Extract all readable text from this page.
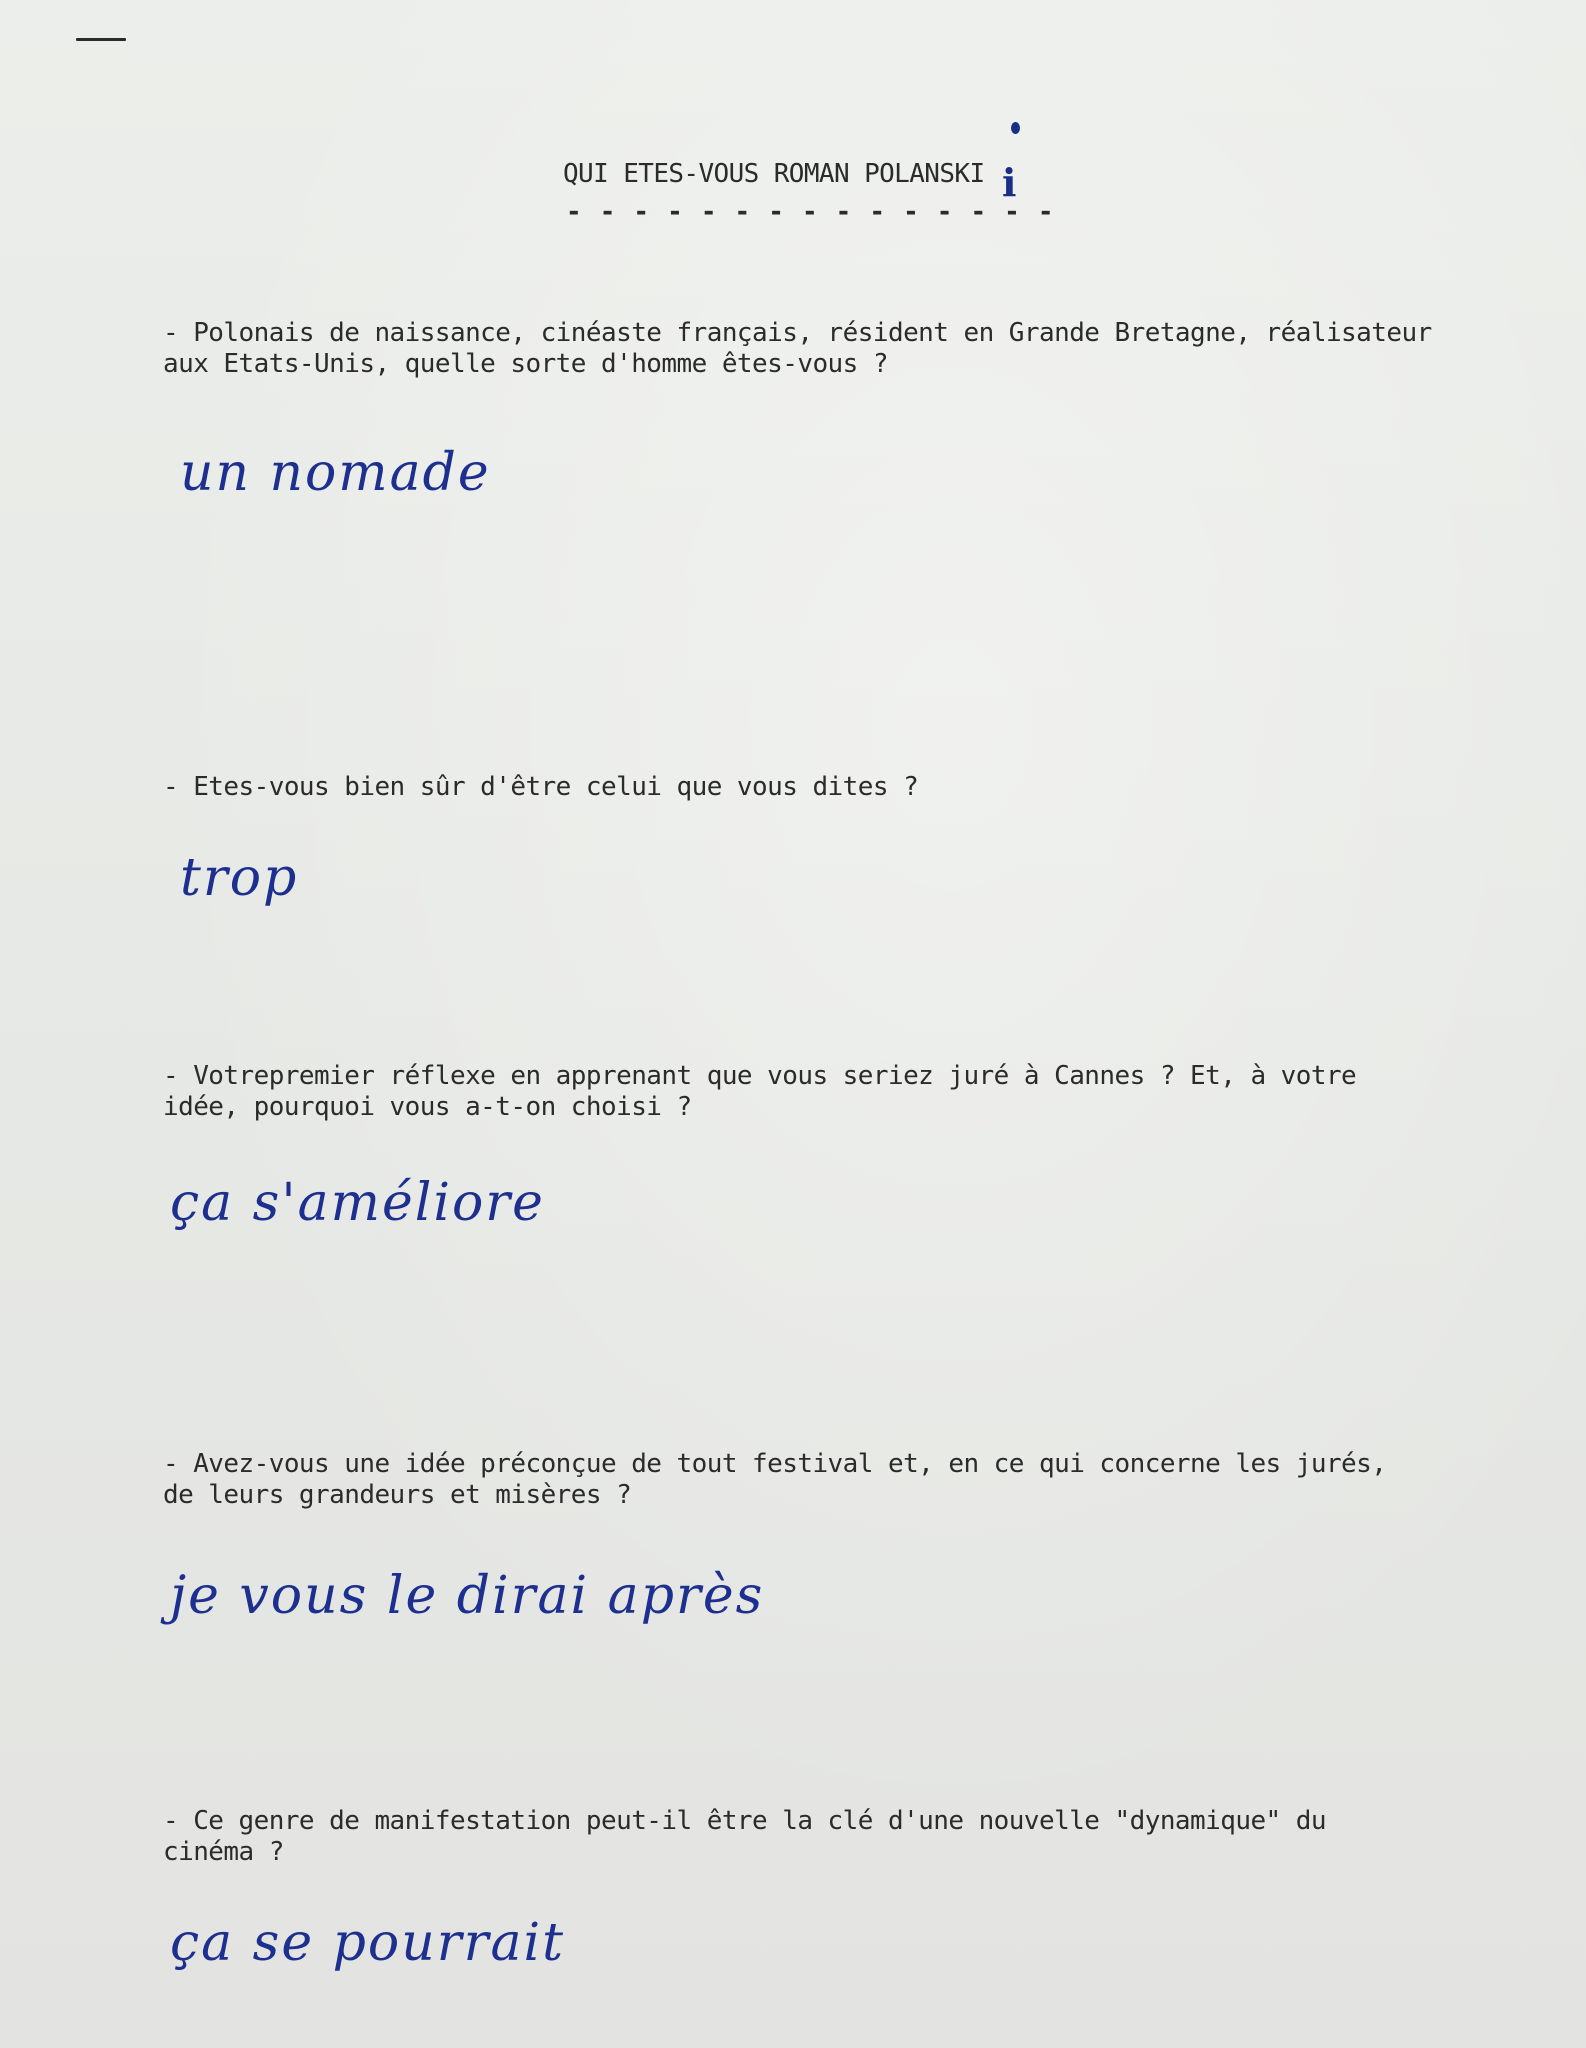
QUI ETES-VOUS ROMAN POLANSKI i
- - - - - - - - - - - - - - -
- Polonais de naissance, cinéaste français, résident en Grande Bretagne, réalisateur
aux Etats-Unis, quelle sorte d'homme êtes-vous ?
un nomade
- Etes-vous bien sûr d'être celui que vous dites ?
trop
- Votrepremier réflexe en apprenant que vous seriez juré à Cannes ? Et, à votre
idée, pourquoi vous a-t-on choisi ?
ça s'améliore
- Avez-vous une idée préconçue de tout festival et, en ce qui concerne les jurés,
de leurs grandeurs et misères ?
je vous le dirai après
- Ce genre de manifestation peut-il être la clé d'une nouvelle "dynamique" du
cinéma ?
ça se pourrait
